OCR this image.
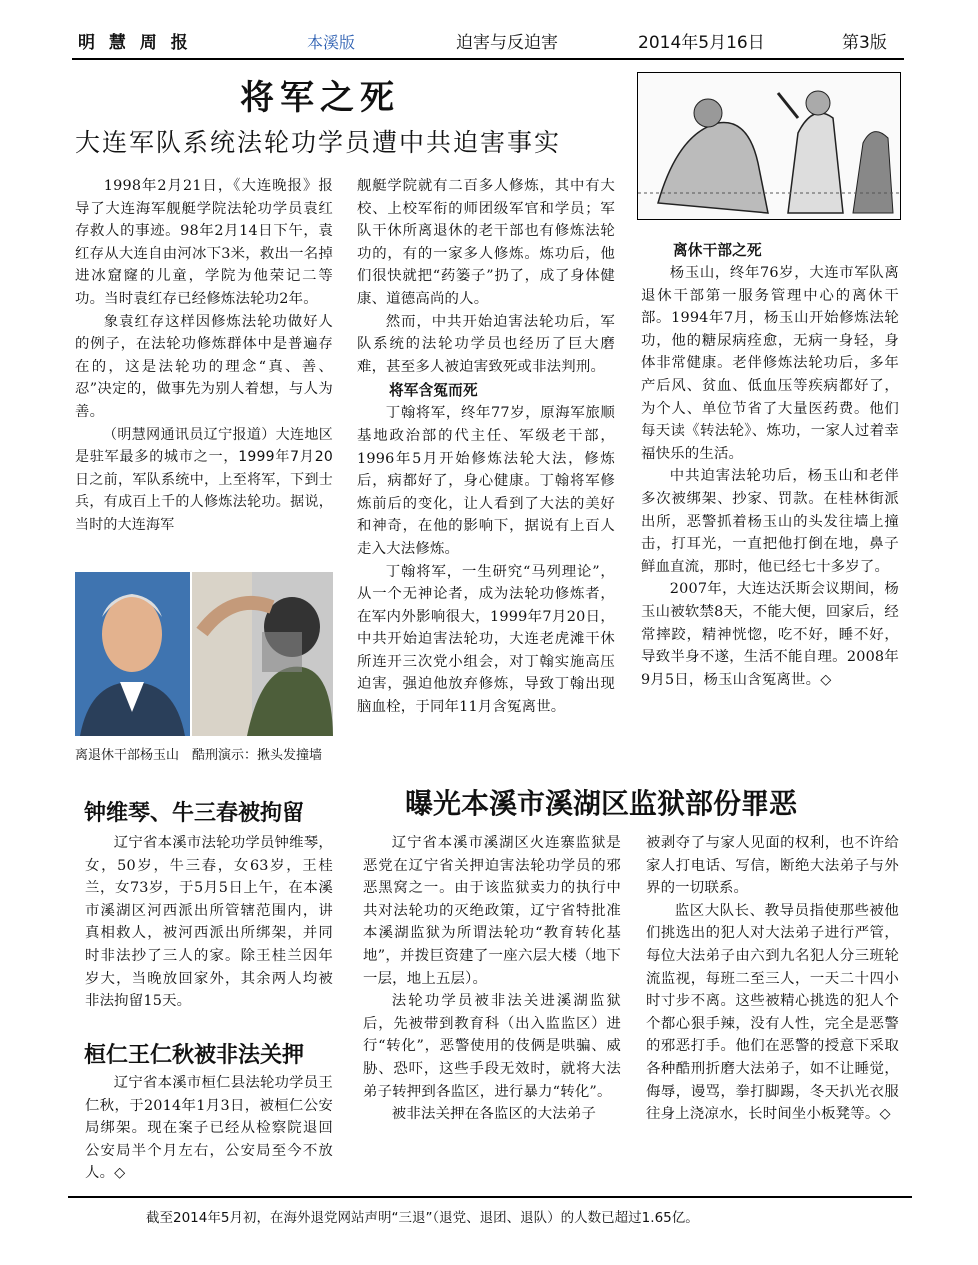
明 慧 周 报	本溪版	迫害与反迫害	2014年5月16日	第3版
将军之死
大连军队系统法轮功学员遭中共迫害事实

1998年2月21日，《大连晚报》报导了大连海军舰艇学院法轮功学员袁红存救人的事迹。98年2月14日下午，袁红存从大连自由河冰下3米，救出一名掉进冰窟窿的儿童，学院为他荣记二等功。当时袁红存已经修炼法轮功2年。

象袁红存这样因修炼法轮功做好人的例子，在法轮功修炼群体中是普遍存在的，这是法轮功的理念“真、善、忍”决定的，做事先为别人着想，与人为善。

（明慧网通讯员辽宁报道）大连地区是驻军最多的城市之一，1999年7月20日之前，军队系统中，上至将军，下到士兵，有成百上千的人修炼法轮功。据说，当时的大连海军

离退休干部杨玉山　酷刑演示：揪头发撞墙

舰艇学院就有二百多人修炼，其中有大校、上校军衔的师团级军官和学员；军队干休所离退休的老干部也有修炼法轮功的，有的一家多人修炼。炼功后，他们很快就把“药篓子”扔了，成了身体健康、道德高尚的人。

然而，中共开始迫害法轮功后，军队系统的法轮功学员也经历了巨大磨难，甚至多人被迫害致死或非法判刑。

将军含冤而死

丁翰将军，终年77岁，原海军旅顺基地政治部的代主任、军级老干部，1996年5月开始修炼法轮大法，修炼后，病都好了，身心健康。丁翰将军修炼前后的变化，让人看到了大法的美好和神奇，在他的影响下，据说有上百人走入大法修炼。

丁翰将军，一生研究“马列理论”，从一个无神论者，成为法轮功修炼者，在军内外影响很大，1999年7月20日，中共开始迫害法轮功，大连老虎滩干休所连开三次党小组会，对丁翰实施高压迫害，强迫他放弃修炼，导致丁翰出现脑血栓，于同年11月含冤离世。

离休干部之死

杨玉山，终年76岁，大连市军队离退休干部第一服务管理中心的离休干部。1994年7月，杨玉山开始修炼法轮功，他的糖尿病痊愈，无病一身轻，身体非常健康。老伴修炼法轮功后，多年产后风、贫血、低血压等疾病都好了，为个人、单位节省了大量医药费。他们每天读《转法轮》、炼功，一家人过着幸福快乐的生活。

中共迫害法轮功后，杨玉山和老伴多次被绑架、抄家、罚款。在桂林街派出所，恶警抓着杨玉山的头发往墙上撞击，打耳光，一直把他打倒在地，鼻子鲜血直流，那时，他已经七十多岁了。

2007年，大连达沃斯会议期间，杨玉山被软禁8天，不能大便，回家后，经常摔跤，精神恍惚，吃不好，睡不好，导致半身不遂，生活不能自理。2008年9月5日，杨玉山含冤离世。◇

钟维琴、牛三春被拘留

辽宁省本溪市法轮功学员钟维琴，女，50岁，牛三春，女63岁，王桂兰，女73岁，于5月5日上午，在本溪市溪湖区河西派出所管辖范围内，讲真相救人，被河西派出所绑架，并同时非法抄了三人的家。除王桂兰因年岁大，当晚放回家外，其余两人均被非法拘留15天。

桓仁王仁秋被非法关押

辽宁省本溪市桓仁县法轮功学员王仁秋，于2014年1月3日，被桓仁公安局绑架。现在案子已经从检察院退回公安局半个月左右，公安局至今不放人。◇

曝光本溪市溪湖区监狱部份罪恶

辽宁省本溪市溪湖区火连寨监狱是恶党在辽宁省关押迫害法轮功学员的邪恶黑窝之一。由于该监狱卖力的执行中共对法轮功的灭绝政策，辽宁省特批准本溪湖监狱为所谓法轮功“教育转化基地”，并拨巨资建了一座六层大楼（地下一层，地上五层）。

法轮功学员被非法关进溪湖监狱后，先被带到教育科（出入监监区）进行“转化”，恶警使用的伎俩是哄骗、威胁、恐吓，这些手段无效时，就将大法弟子转押到各监区，进行暴力“转化”。

被非法关押在各监区的大法弟子

被剥夺了与家人见面的权利，也不许给家人打电话、写信，断绝大法弟子与外界的一切联系。

监区大队长、教导员指使那些被他们挑选出的犯人对大法弟子进行严管，每位大法弟子由六到九名犯人分三班轮流监视，每班二至三人，一天二十四小时寸步不离。这些被精心挑选的犯人个个都心狠手辣，没有人性，完全是恶警的邪恶打手。他们在恶警的授意下采取各种酷刑折磨大法弟子，如不让睡觉，侮辱，谩骂，拳打脚踢，冬天扒光衣服往身上浇凉水，长时间坐小板凳等。◇

截至2014年5月初，在海外退党网站声明“三退”（退党、退团、退队）的人数已超过1.65亿。
